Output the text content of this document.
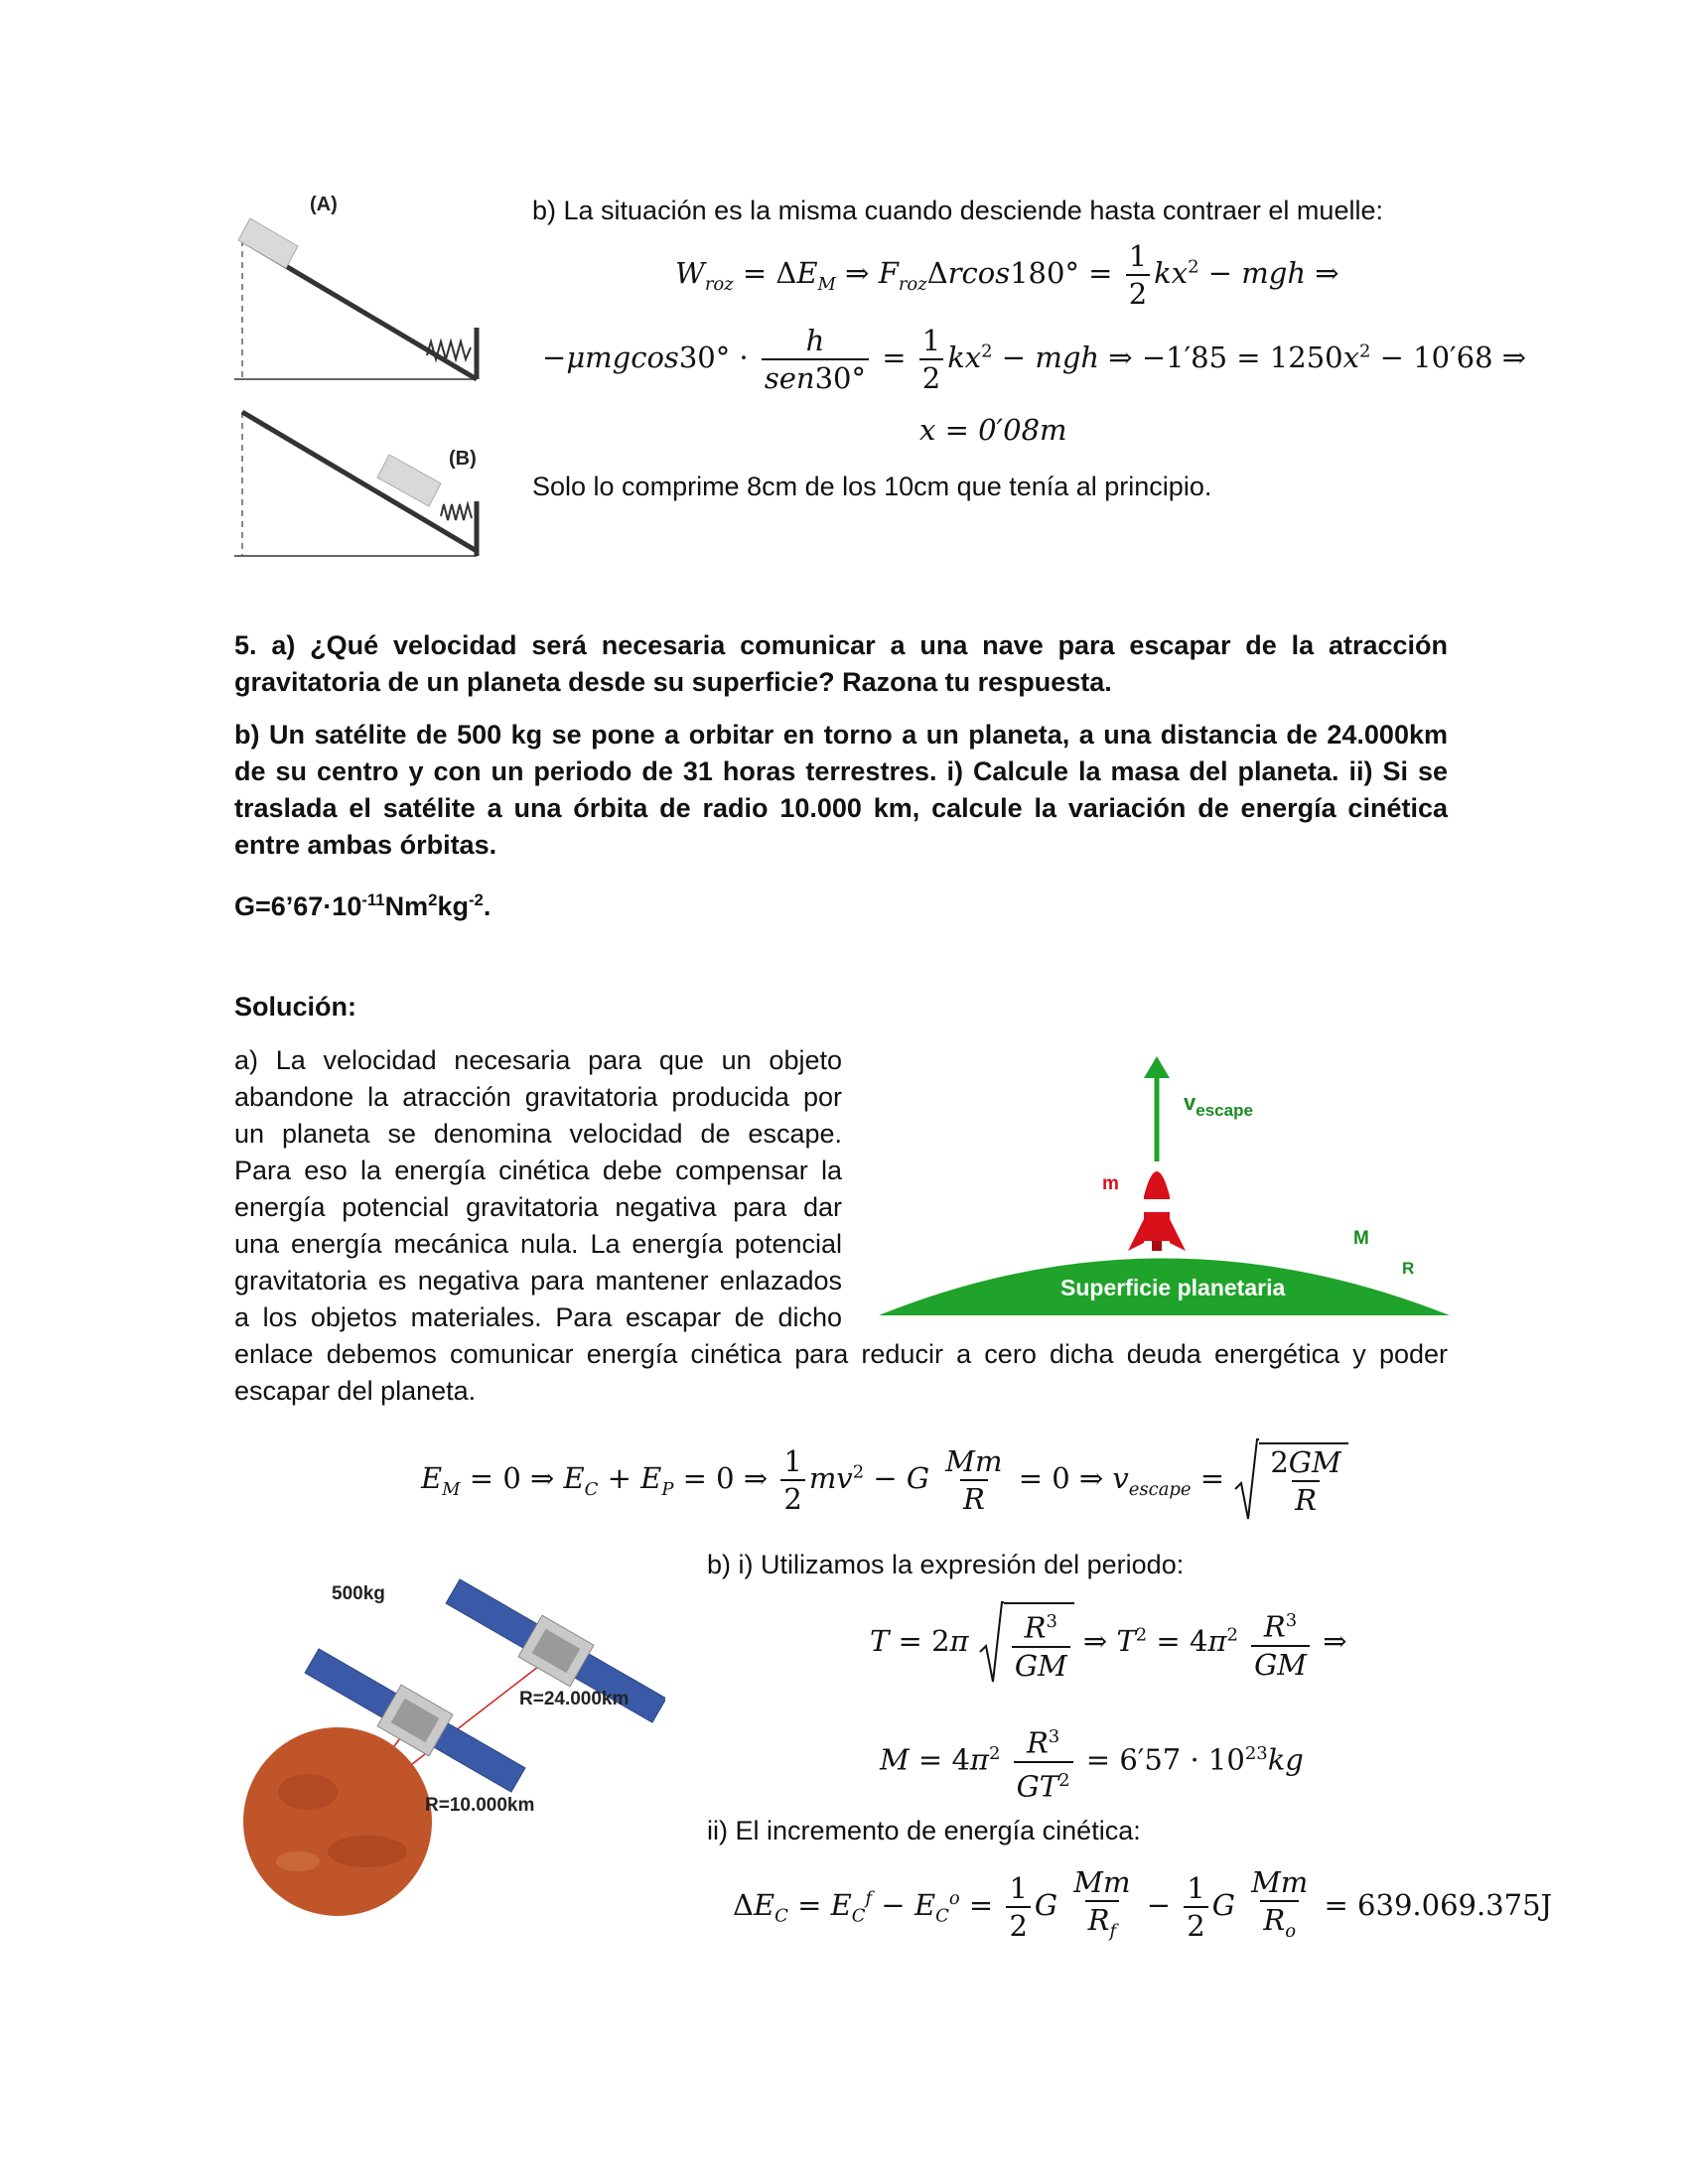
(A)
(B)
b) La situación es la misma cuando desciende hasta contraer el muelle:
$W_{roz} = \Delta E_M$ ⇒ $F_{roz}\Delta rcos180^\circ = \frac{1}{2} kx^2$ − mgh ⇒
$-\mu mgcos30^\circ \cdot \frac{h}{\text{sen30°}} = \frac{1}{2} kx^2$ − mgh ⇒ $-1'85 = 1250x^2 - 10'68$ ⇒
x = 0′08m
Solo lo comprime 8cm de los 10cm que tenía al principio.
5. a) ¿Qué velocidad será necesaria comunicar a una nave para escapar de la atracción gravitatoria de un planeta desde su superficie? Razona tu respuesta.
b) Un satélite de 500 kg se pone a orbitar en torno a un planeta, a una distancia de 24.000km de su centro y con un periodo de 31 horas terrestres. i) Calcule la masa del planeta. ii) Si se traslada el satélite a una órbita de radio 10.000 km, calcule la variación de energía cinética entre ambas órbitas.
$G=6’67\cdot 10^{-11}Nm^2kg^{-2}$.
Solución:
a) La velocidad necesaria para que un objeto abandone la atracción gravitatoria producida por un planeta se denomina velocidad de escape. Para eso la energía cinética debe compensar la energía potencial gravitatoria negativa para dar una energía mecánica nula. La energía potencial gravitatoria es negativa para mantener enlazados a los objetos materiales. Para escapar de dicho
enlace debemos comunicar energía cinética para reducir a cero dicha deuda energética y poder escapar del planeta.
$v_{escape}$
m
M
R
Superficie planetaria
$E_M = 0$ ⇒ $E_C + E_P = 0$ ⇒ $\frac{1}{2} mv^2 - G \frac{Mm}{R} = 0$ ⇒ $v_{escape} = \frac{2GM}{R}$
500kg
R=24.000km
R=10.000km
b) i) Utilizamos la expresión del periodo:
$T = 2\pi \frac{R^3}{GM}$ ⇒ $T^2 = 4\pi^2 \frac{R^3}{GM}$ ⇒
$M = 4\pi^2 \frac{R^3}{GT^2} = 6'57 \cdot 10^{23}kg$
ii) El incremento de energía cinética:
$\Delta E_C = E_C^f - E_C^o = \frac{1}{2}$ G $\frac{Mm}{R_f} - \frac{1}{2}$ G $\frac{Mm}{R_o} = 639.069.375J$
